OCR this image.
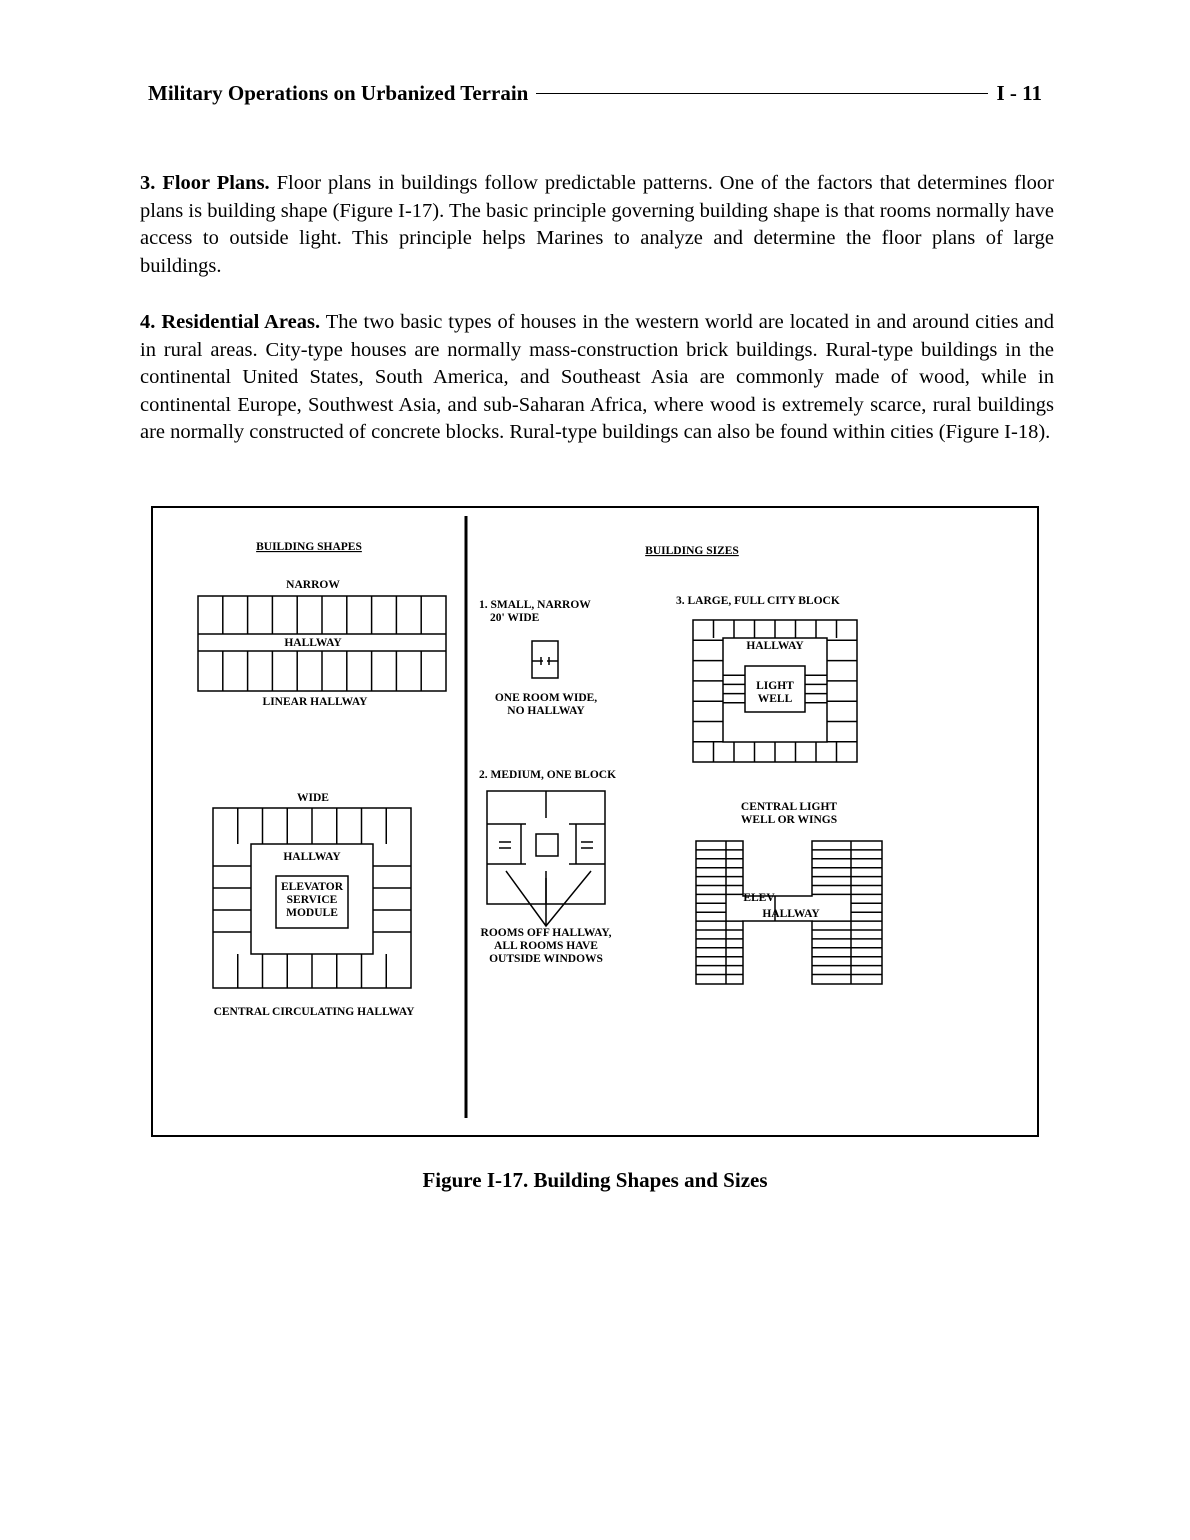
Military Operations on Urbanized Terrain	I - 11

3. Floor Plans. Floor plans in buildings follow predictable patterns. One of the factors that determines floor plans is building shape (Figure I-17). The basic principle governing building shape is that rooms normally have access to outside light. This principle helps Marines to analyze and determine the floor plans of large buildings.

4. Residential Areas. The two basic types of houses in the western world are located in and around cities and in rural areas. City-type houses are normally mass-construction brick buildings. Rural-type buildings in the continental United States, South America, and Southeast Asia are commonly made of wood, while in continental Europe, Southwest Asia, and sub-Saharan Africa, where wood is extremely scarce, rural buildings are normally constructed of concrete blocks. Rural-type buildings can also be found within cities (Figure I-18).

BUILDING SHAPES
NARROW
HALLWAY
LINEAR HALLWAY
WIDE
HALLWAY
ELEVATOR
SERVICE
MODULE
CENTRAL CIRCULATING HALLWAY
BUILDING SIZES
1. SMALL, NARROW
20' WIDE
ONE ROOM WIDE,
NO HALLWAY
2. MEDIUM, ONE BLOCK
ROOMS OFF HALLWAY,
ALL ROOMS HAVE
OUTSIDE WINDOWS
3. LARGE, FULL CITY BLOCK
HALLWAY
LIGHT
WELL
CENTRAL LIGHT
WELL OR WINGS
ELEV
HALLWAY
Figure I-17. Building Shapes and Sizes
